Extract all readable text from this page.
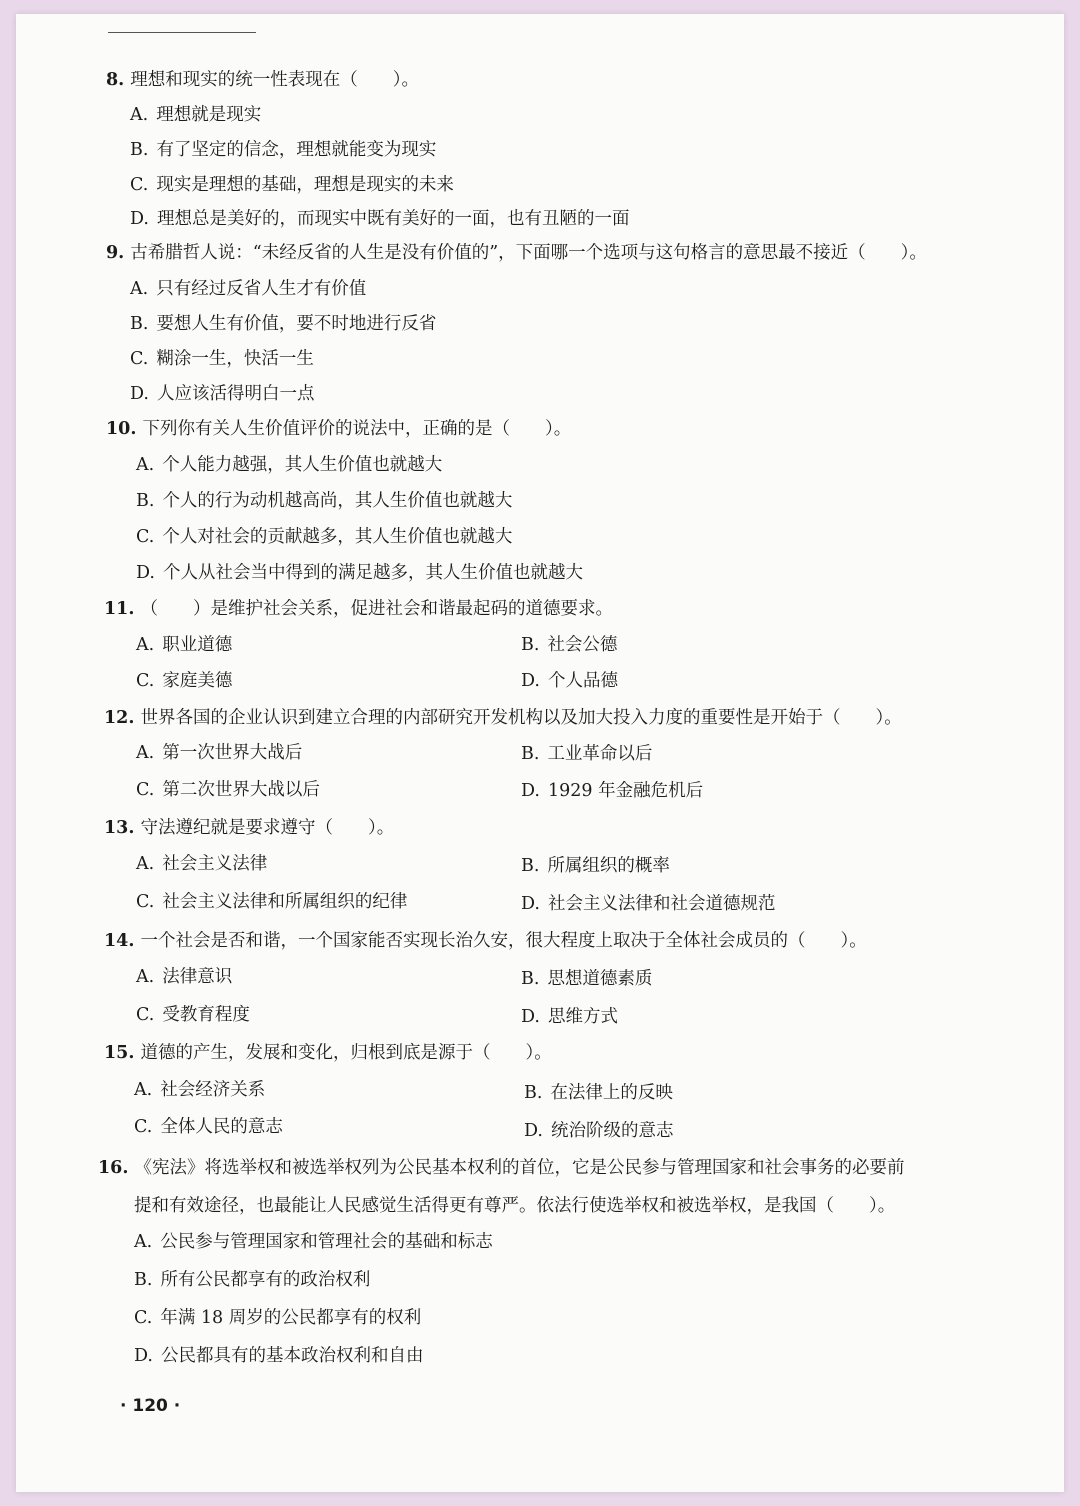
8. 理想和现实的统一性表现在（　　）。
A. 理想就是现实
B. 有了坚定的信念，理想就能变为现实
C. 现实是理想的基础，理想是现实的未来
D. 理想总是美好的，而现实中既有美好的一面，也有丑陋的一面
9. 古希腊哲人说：“未经反省的人生是没有价值的”，下面哪一个选项与这句格言的意思最不接近（　　）。
A. 只有经过反省人生才有价值
B. 要想人生有价值，要不时地进行反省
C. 糊涂一生，快活一生
D. 人应该活得明白一点
10. 下列你有关人生价值评价的说法中，正确的是（　　）。
A. 个人能力越强，其人生价值也就越大
B. 个人的行为动机越高尚，其人生价值也就越大
C. 个人对社会的贡献越多，其人生价值也就越大
D. 个人从社会当中得到的满足越多，其人生价值也就越大
11. （　　）是维护社会关系，促进社会和谐最起码的道德要求。
A. 职业道德	B. 社会公德
C. 家庭美德	D. 个人品德
12. 世界各国的企业认识到建立合理的内部研究开发机构以及加大投入力度的重要性是开始于（　　）。
A. 第一次世界大战后	B. 工业革命以后
C. 第二次世界大战以后	D. 1929 年金融危机后
13. 守法遵纪就是要求遵守（　　）。
A. 社会主义法律	B. 所属组织的概率
C. 社会主义法律和所属组织的纪律	D. 社会主义法律和社会道德规范
14. 一个社会是否和谐，一个国家能否实现长治久安，很大程度上取决于全体社会成员的（　　）。
A. 法律意识	B. 思想道德素质
C. 受教育程度	D. 思维方式
15. 道德的产生，发展和变化，归根到底是源于（　　）。
A. 社会经济关系	B. 在法律上的反映
C. 全体人民的意志	D. 统治阶级的意志
16. 《宪法》将选举权和被选举权列为公民基本权利的首位，它是公民参与管理国家和社会事务的必要前
提和有效途径，也最能让人民感觉生活得更有尊严。依法行使选举权和被选举权，是我国（　　）。
A. 公民参与管理国家和管理社会的基础和标志
B. 所有公民都享有的政治权利
C. 年满 18 周岁的公民都享有的权利
D. 公民都具有的基本政治权利和自由
· 120 ·
